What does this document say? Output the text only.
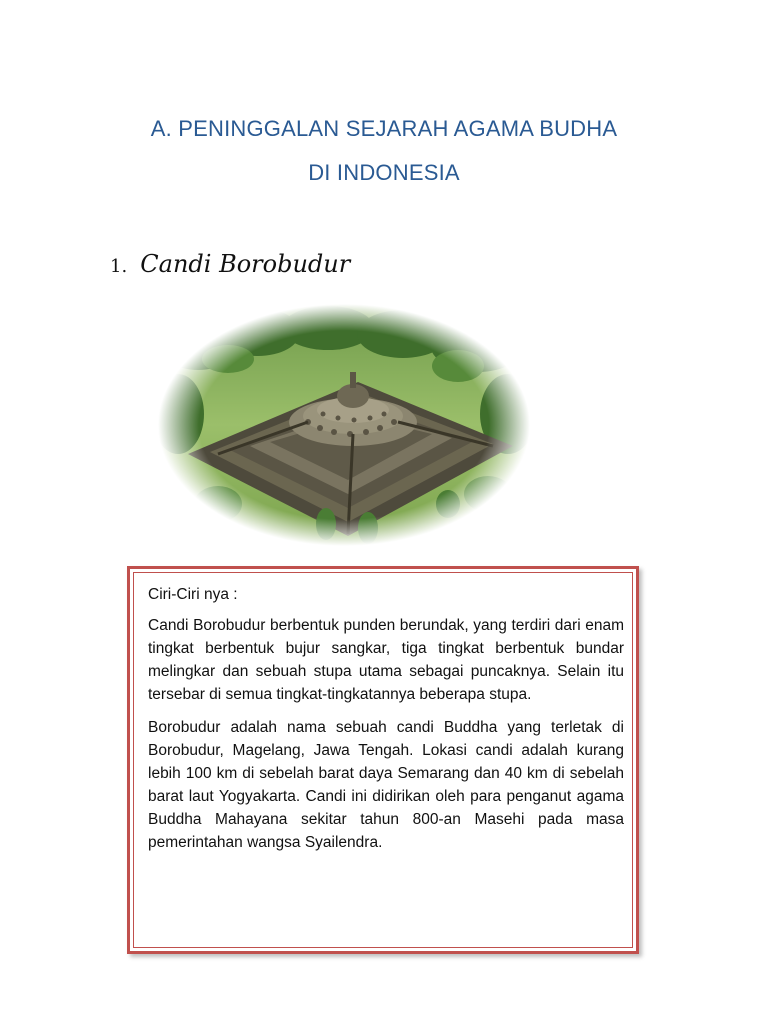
A. PENINGGALAN SEJARAH AGAMA BUDHA
DI INDONESIA
1. Candi Borobudur

Ciri-Ciri nya :

Candi Borobudur berbentuk punden berundak, yang terdiri dari enam tingkat berbentuk bujur sangkar, tiga tingkat berbentuk bundar melingkar dan sebuah stupa utama sebagai puncaknya. Selain itu tersebar di semua tingkat-tingkatannya beberapa stupa.

Borobudur adalah nama sebuah candi Buddha yang terletak di Borobudur, Magelang, Jawa Tengah. Lokasi candi adalah kurang lebih 100 km di sebelah barat daya Semarang dan 40 km di sebelah barat laut Yogyakarta. Candi ini didirikan oleh para penganut agama Buddha Mahayana sekitar tahun 800-an Masehi pada masa pemerintahan wangsa Syailendra.
